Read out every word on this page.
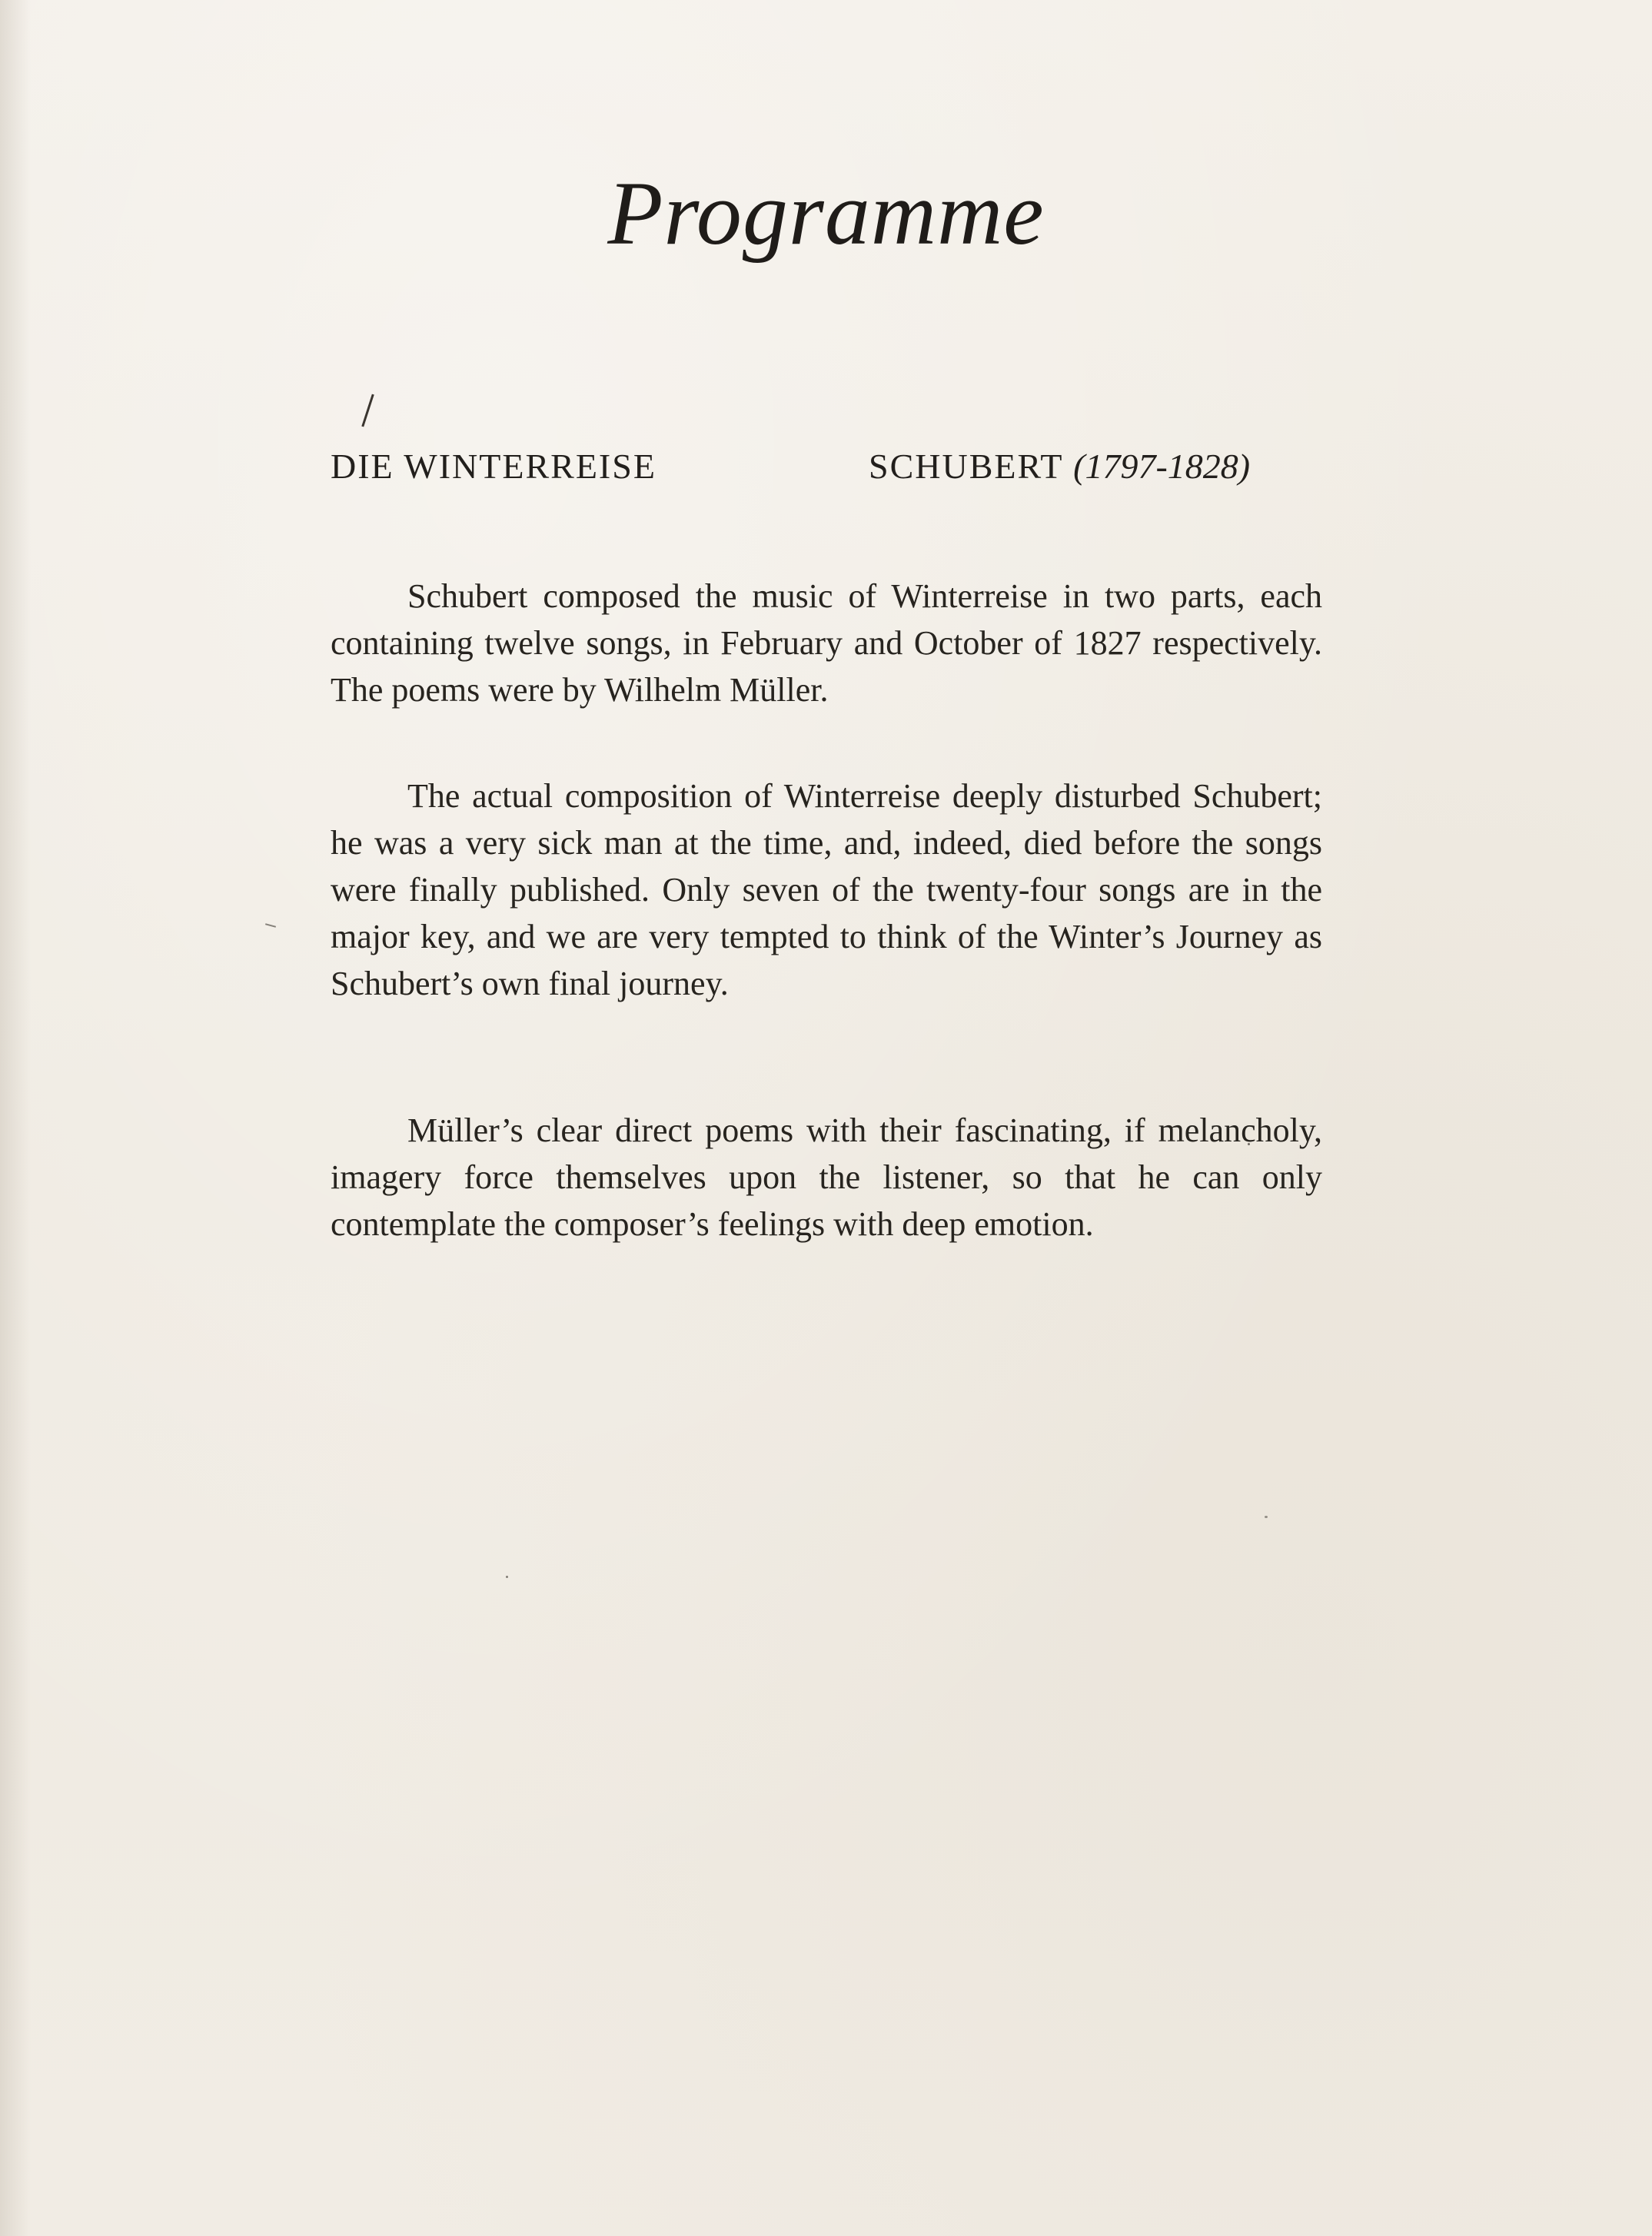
Programme
DIE WINTERREISE	SCHUBERT (1797-1828)

Schubert composed the music of Winterreise in two parts, each containing twelve songs, in February and October of 1827 respectively. The poems were by Wilhelm Müller.

The actual composition of Winterreise deeply disturbed Schubert; he was a very sick man at the time, and, indeed, died before the songs were finally published. Only seven of the twenty-four songs are in the major key, and we are very tempted to think of the Winter’s Journey as Schubert’s own final journey.

Müller’s clear direct poems with their fascinating, if melancholy, imagery force themselves upon the listener, so that he can only contemplate the composer’s feelings with deep emotion.
